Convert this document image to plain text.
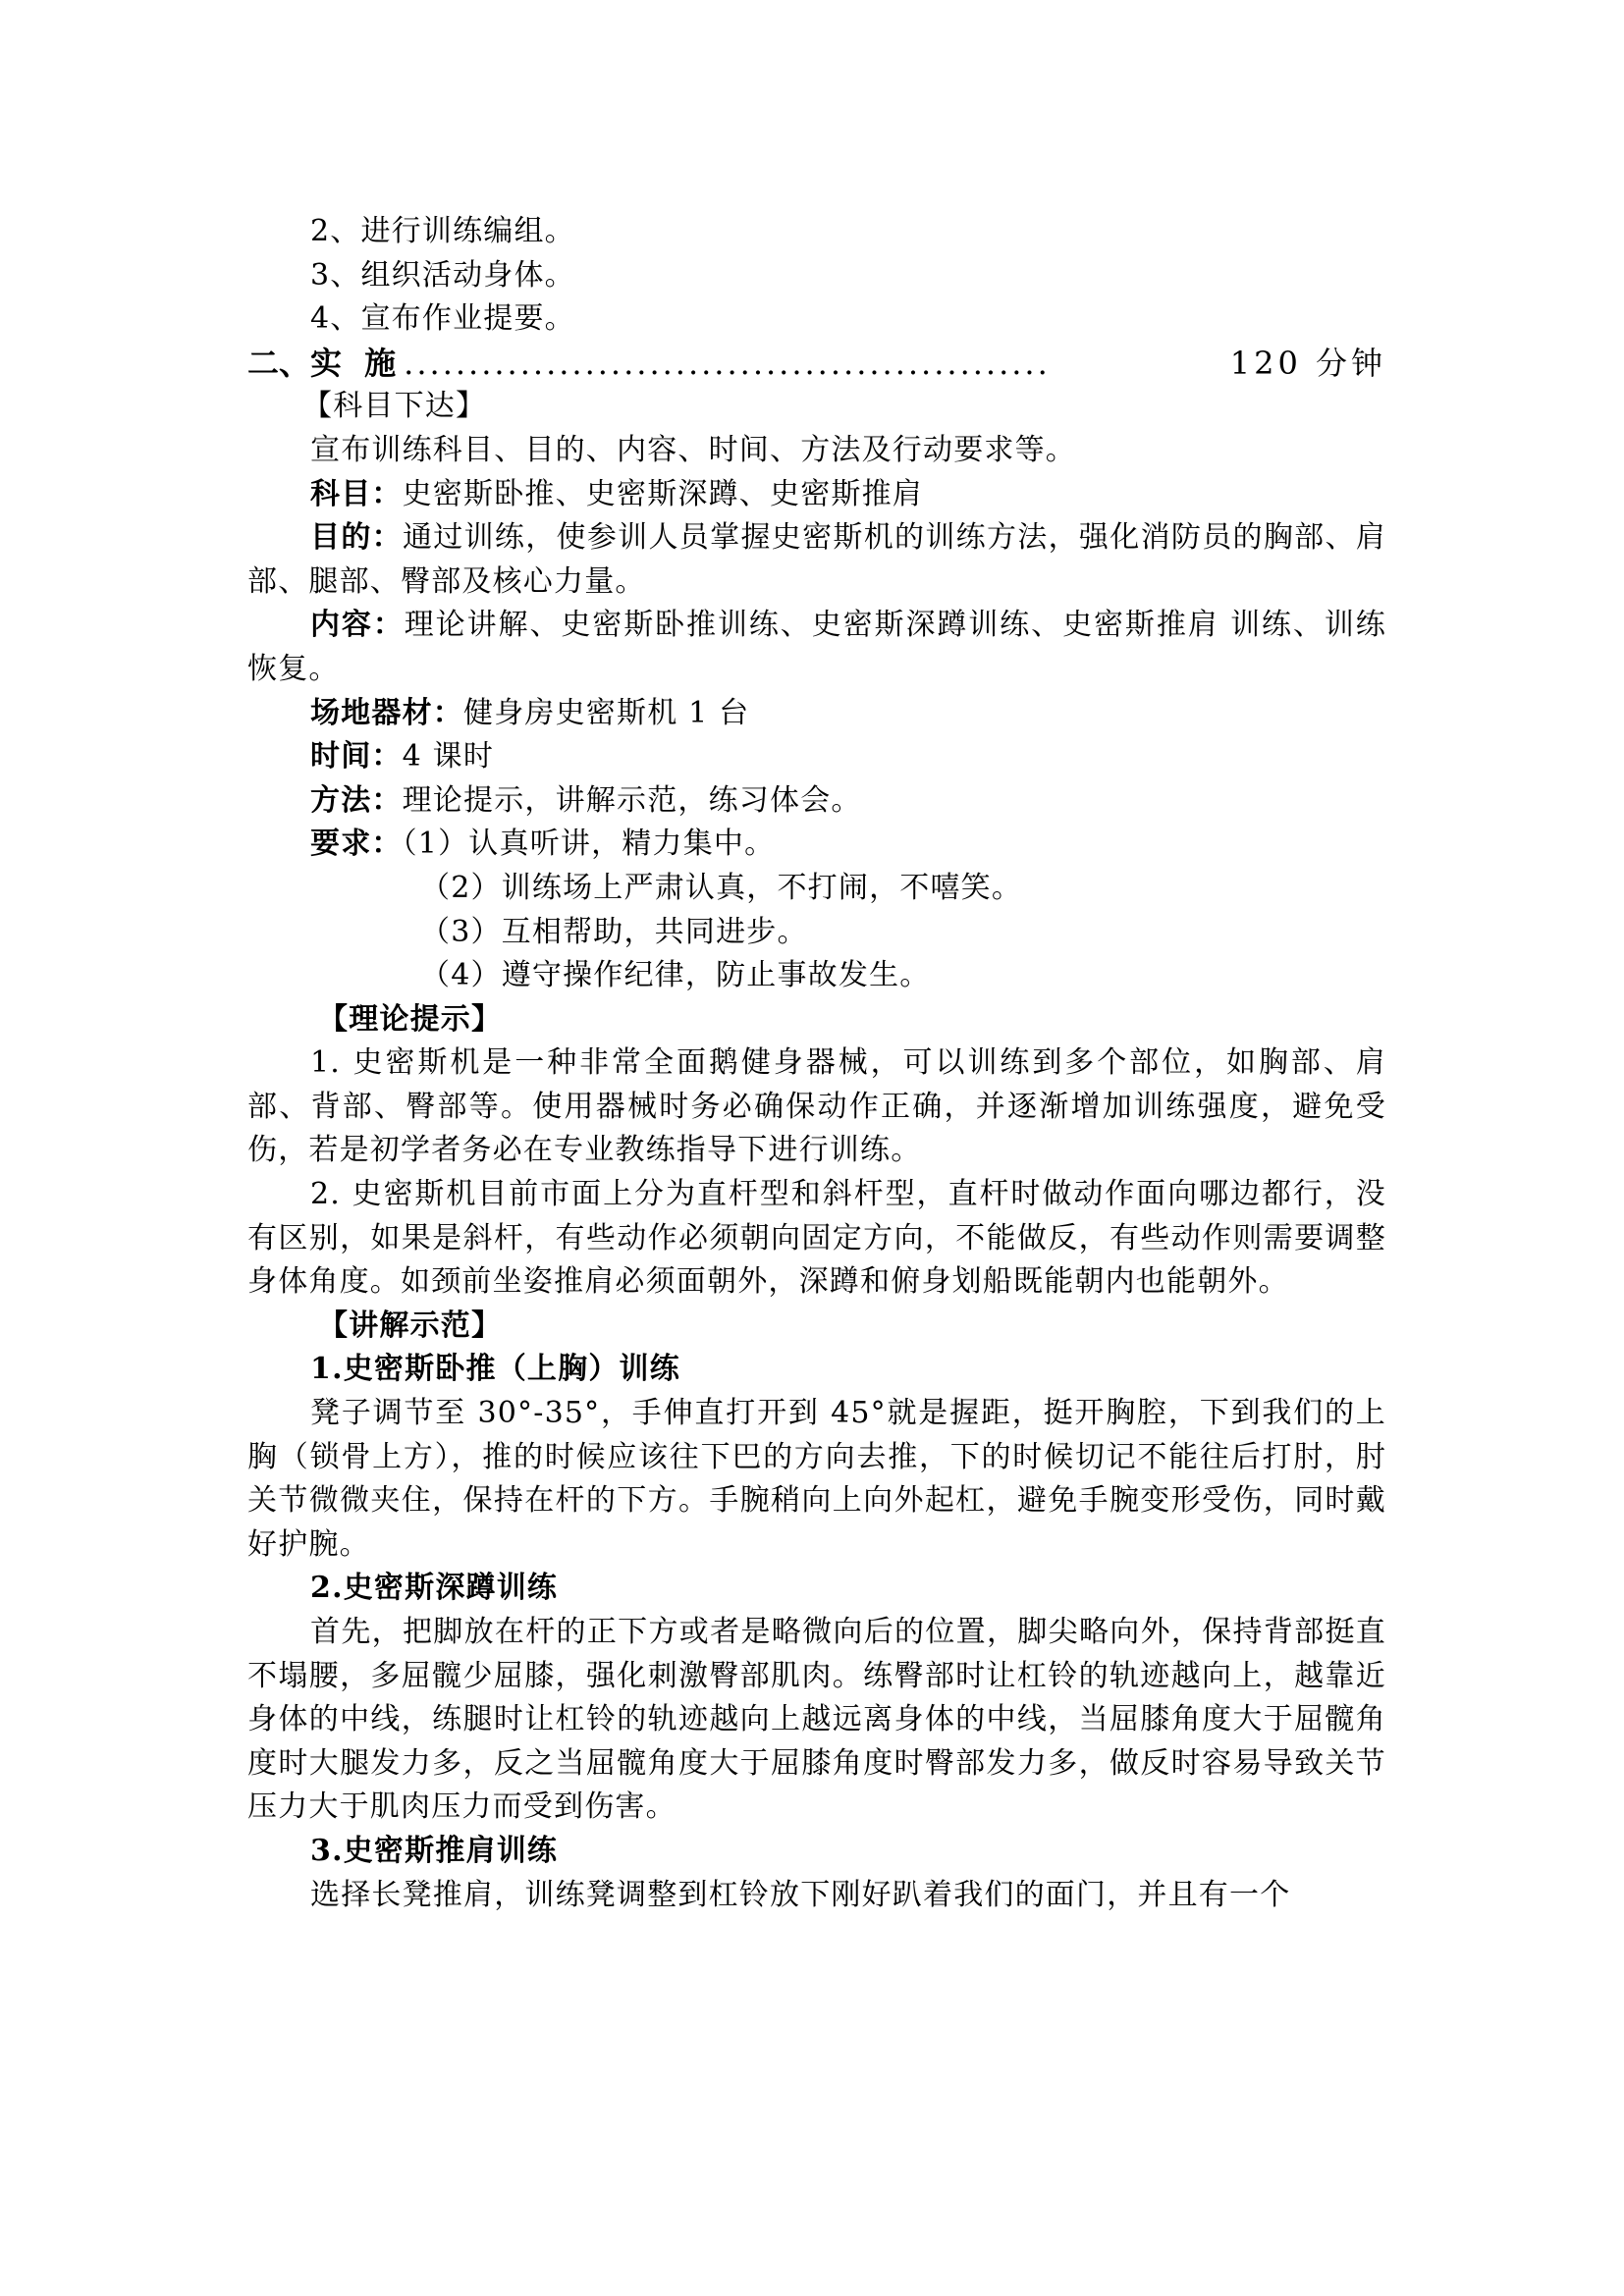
2、进行训练编组。
3、组织活动身体。
4、宣布作业提要。
二、 实 施 ..................................................	120 分钟
【科目下达】
宣布训练科目、目的、内容、时间、方法及行动要求等。
科目：史密斯卧推、史密斯深蹲、史密斯推肩
目的：通过训练，使参训人员掌握史密斯机的训练方法，强化消防员的胸部、肩部、腿部、臀部及核心力量。
内容：理论讲解、史密斯卧推训练、史密斯深蹲训练、史密斯推肩 训练、训练恢复。
场地器材：健身房史密斯机 1 台
时间：4 课时
方法：理论提示，讲解示范，练习体会。
要求：（1）认真听讲，精力集中。
（2）训练场上严肃认真，不打闹，不嘻笑。
（3）互相帮助，共同进步。
（4）遵守操作纪律，防止事故发生。
【理论提示】
1. 史密斯机是一种非常全面鹅健身器械，可以训练到多个部位，如胸部、肩部、背部、臀部等。使用器械时务必确保动作正确，并逐渐增加训练强度，避免受伤，若是初学者务必在专业教练指导下进行训练。
2. 史密斯机目前市面上分为直杆型和斜杆型，直杆时做动作面向哪边都行，没有区别，如果是斜杆，有些动作必须朝向固定方向，不能做反，有些动作则需要调整身体角度。如颈前坐姿推肩必须面朝外，深蹲和俯身划船既能朝内也能朝外。
【讲解示范】
1.史密斯卧推（上胸）训练
凳子调节至 30°-35°，手伸直打开到 45°就是握距，挺开胸腔，下到我们的上胸（锁骨上方），推的时候应该往下巴的方向去推，下的时候切记不能往后打肘，肘关节微微夹住，保持在杆的下方。手腕稍向上向外起杠，避免手腕变形受伤，同时戴好护腕。
2.史密斯深蹲训练
首先，把脚放在杆的正下方或者是略微向后的位置，脚尖略向外，保持背部挺直不塌腰，多屈髋少屈膝，强化刺激臀部肌肉。练臀部时让杠铃的轨迹越向上，越靠近身体的中线，练腿时让杠铃的轨迹越向上越远离身体的中线，当屈膝角度大于屈髋角度时大腿发力多，反之当屈髋角度大于屈膝角度时臀部发力多，做反时容易导致关节压力大于肌肉压力而受到伤害。
3.史密斯推肩训练
选择长凳推肩，训练凳调整到杠铃放下刚好趴着我们的面门，并且有一个
